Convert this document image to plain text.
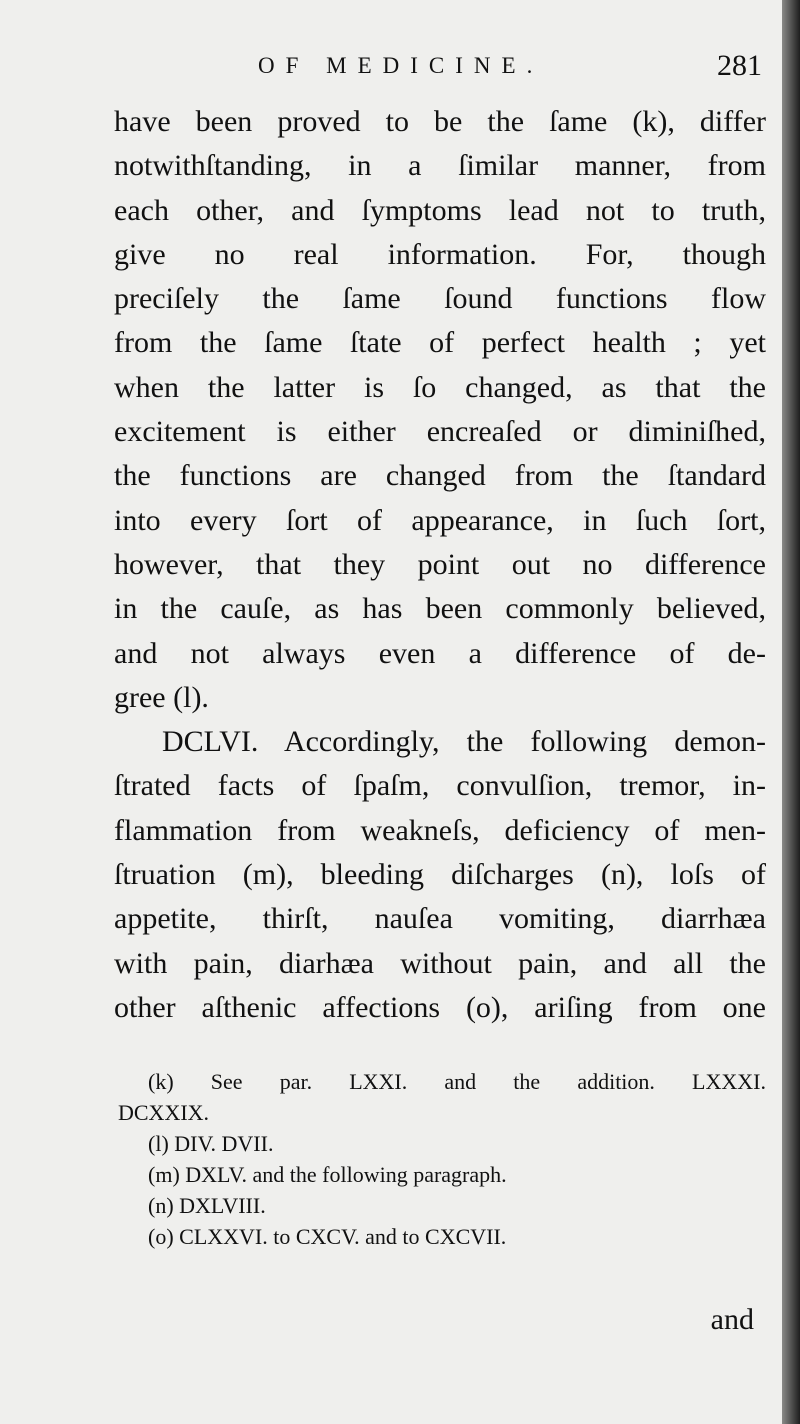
OF MEDICINE.	281
have been proved to be the ſame (k), differ
notwithſtanding, in a ſimilar manner, from
each other, and ſymptoms lead not to truth,
give no real information. For, though
preciſely the ſame ſound functions flow
from the ſame ſtate of perfect health ; yet
when the latter is ſo changed, as that the
excitement is either encreaſed or diminiſhed,
the functions are changed from the ſtandard
into every ſort of appearance, in ſuch ſort,
however, that they point out no difference
in the cauſe, as has been commonly believed,
and not always even a difference of de-
gree (l).
DCLVI. Accordingly, the following demon-
ſtrated facts of ſpaſm, convulſion, tremor, in-
flammation from weakneſs, deficiency of men-
ſtruation (m), bleeding diſcharges (n), loſs of
appetite, thirſt, nauſea vomiting, diarrhæa
with pain, diarhæa without pain, and all the
other aſthenic affections (o), ariſing from one
(k) See par. LXXI. and the addition. LXXXI.
DCXXIX.
(l) DIV. DVII.
(m) DXLV. and the following paragraph.
(n) DXLVIII.
(o) CLXXVI. to CXCV. and to CXCVII.
and
